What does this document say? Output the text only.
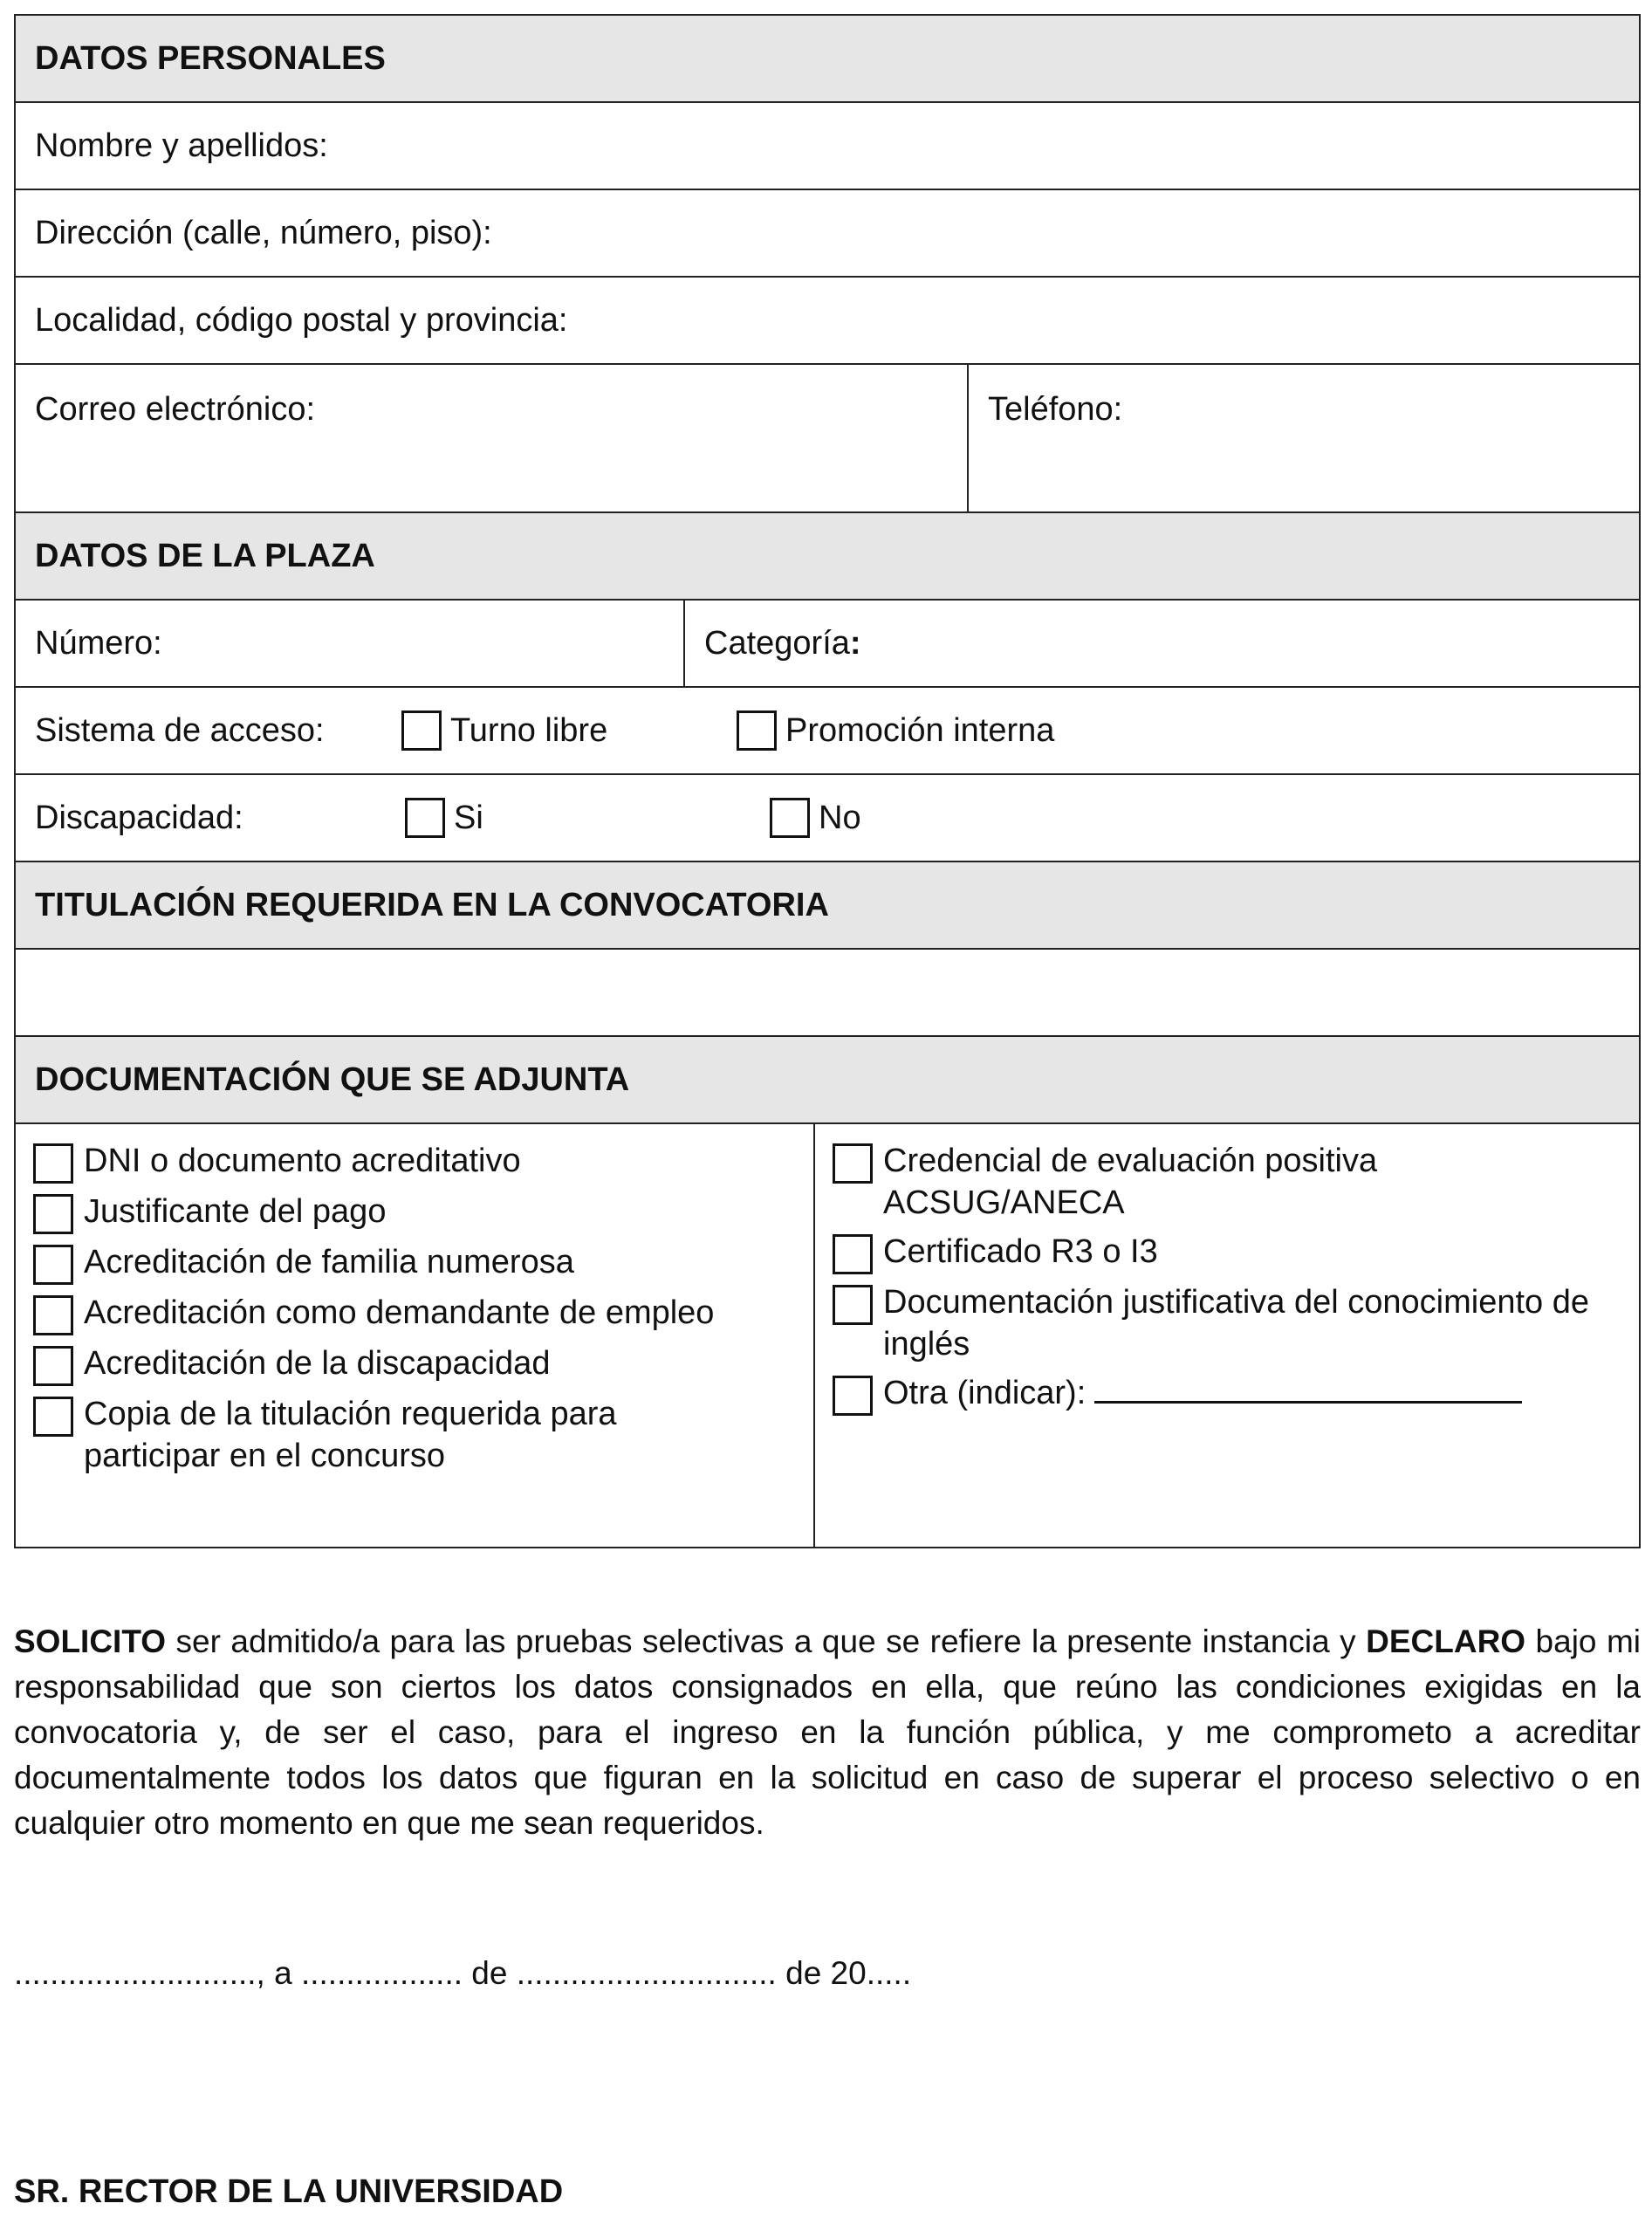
DATOS PERSONALES
Nombre y apellidos:
Dirección (calle, número, piso):
Localidad, código postal y provincia:
Correo electrónico:	Teléfono:
DATOS DE LA PLAZA
Número:	Categoría :
Sistema de acceso:	Turno libre	Promoción interna
Discapacidad:	Si	No
TITULACIÓN REQUERIDA EN LA CONVOCATORIA
DOCUMENTACIÓN QUE SE ADJUNTA
DNI o documento acreditativo
Justificante del pago
Acreditación de familia numerosa
Acreditación como demandante de empleo
Acreditación de la discapacidad
Copia de la titulación requerida para participar en el concurso
Credencial de evaluación positiva ACSUG/ANECA
Certificado R3 o I3
Documentación justificativa del conocimiento de inglés
Otra (indicar):

SOLICITO ser admitido/a para las pruebas selectivas a que se refiere la presente instancia y DECLARO bajo mi responsabilidad que son ciertos los datos consignados en ella, que reúno las condiciones exigidas en la convocatoria y, de ser el caso, para el ingreso en la función pública, y me comprometo a acreditar documentalmente todos los datos que figuran en la solicitud en caso de superar el proceso selectivo o en cualquier otro momento en que me sean requeridos.

..........................., a .................. de ............................. de 20.....
SR. RECTOR DE LA UNIVERSIDAD
